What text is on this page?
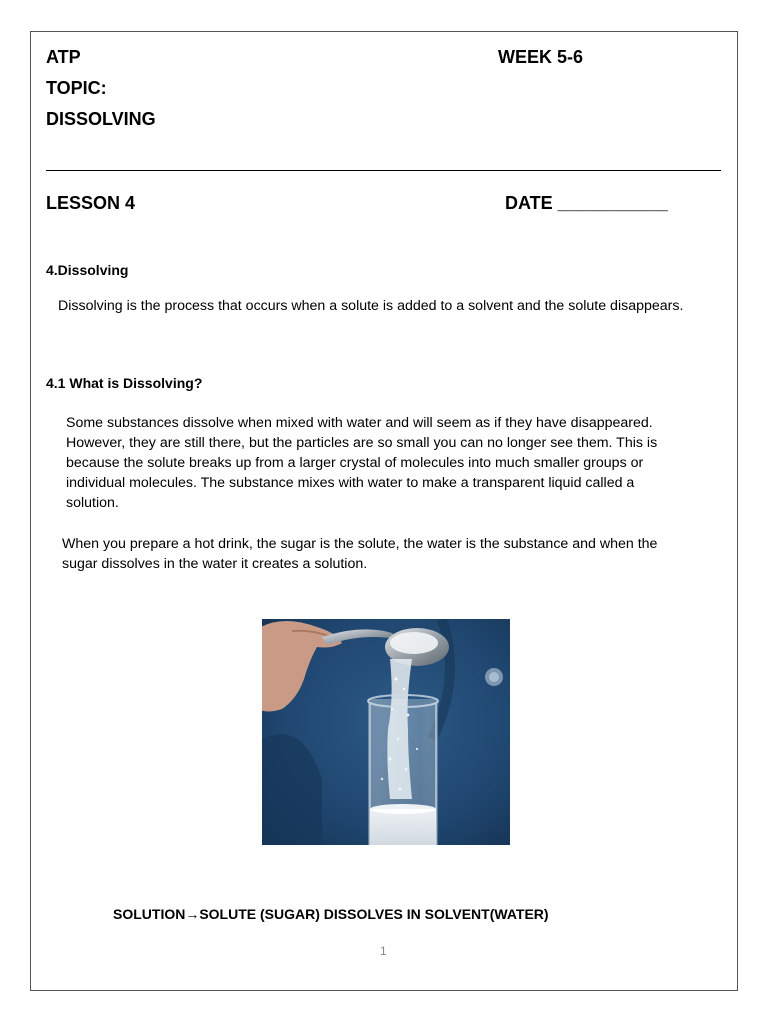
ATP	WEEK 5-6
TOPIC:
DISSOLVING
LESSON 4	DATE ___________
4.Dissolving
Dissolving is the process that occurs when a solute is added to a solvent and the solute disappears.
4.1 What is Dissolving?
Some substances dissolve when mixed with water and will seem as if they have disappeared.
However, they are still there, but the particles are so small you can no longer see them. This is
because the solute breaks up from a larger crystal of molecules into much smaller groups or
individual molecules. The substance mixes with water to make a transparent liquid called a
solution.
When you prepare a hot drink, the sugar is the solute, the water is the substance and when the
sugar dissolves in the water it creates a solution.
SOLUTION→SOLUTE (SUGAR) DISSOLVES IN SOLVENT(WATER)
1
